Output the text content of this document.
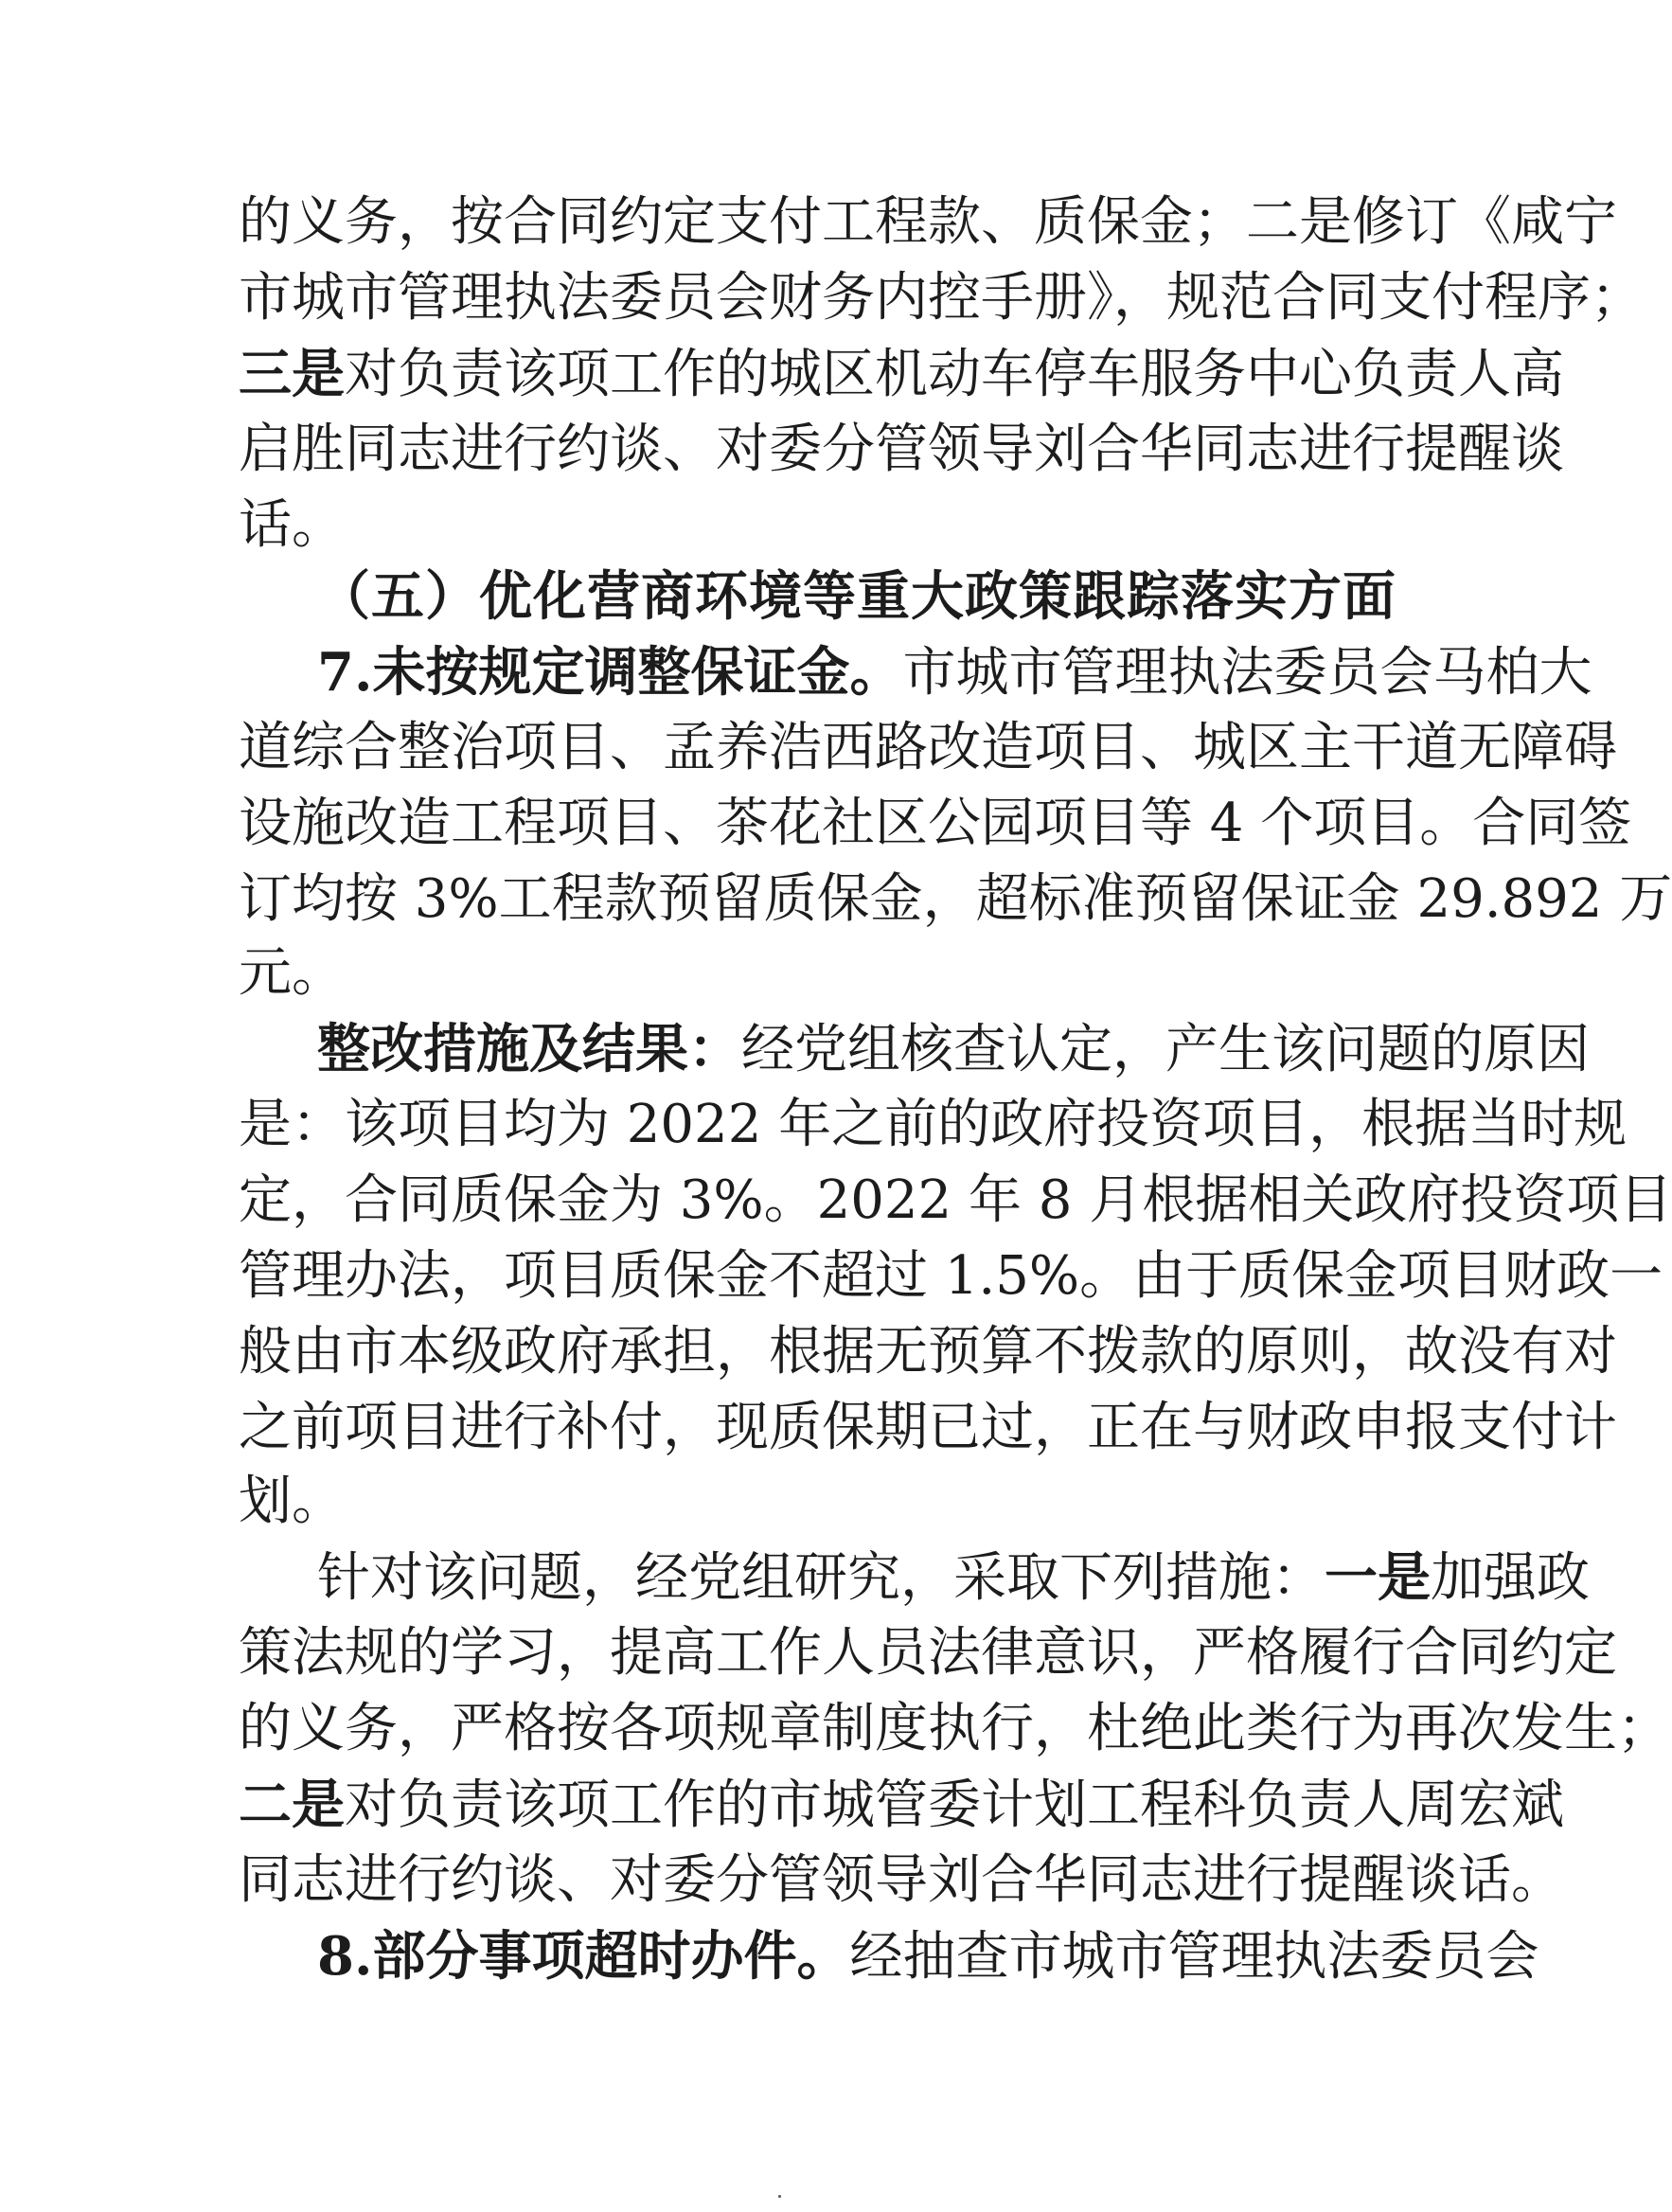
的义务，按合同约定支付工程款、质保金；二是修订《咸宁
市城市管理执法委员会财务内控手册》，规范合同支付程序；
三是对负责该项工作的城区机动车停车服务中心负责人高
启胜同志进行约谈、对委分管领导刘合华同志进行提醒谈
话。
（五）优化营商环境等重大政策跟踪落实方面
7.未按规定调整保证金。市城市管理执法委员会马柏大
道综合整治项目、孟养浩西路改造项目、城区主干道无障碍
设施改造工程项目、茶花社区公园项目等 4 个项目。合同签
订均按 3%工程款预留质保金，超标准预留保证金 29.892 万
元。
整改措施及结果：经党组核查认定，产生该问题的原因
是：该项目均为 2022 年之前的政府投资项目，根据当时规
定，合同质保金为 3%。2022 年 8 月根据相关政府投资项目
管理办法，项目质保金不超过 1.5%。由于质保金项目财政一
般由市本级政府承担，根据无预算不拨款的原则，故没有对
之前项目进行补付，现质保期已过，正在与财政申报支付计
划。
针对该问题，经党组研究，采取下列措施：一是加强政
策法规的学习，提高工作人员法律意识，严格履行合同约定
的义务，严格按各项规章制度执行，杜绝此类行为再次发生；
二是对负责该项工作的市城管委计划工程科负责人周宏斌
同志进行约谈、对委分管领导刘合华同志进行提醒谈话。
8.部分事项超时办件。经抽查市城市管理执法委员会
